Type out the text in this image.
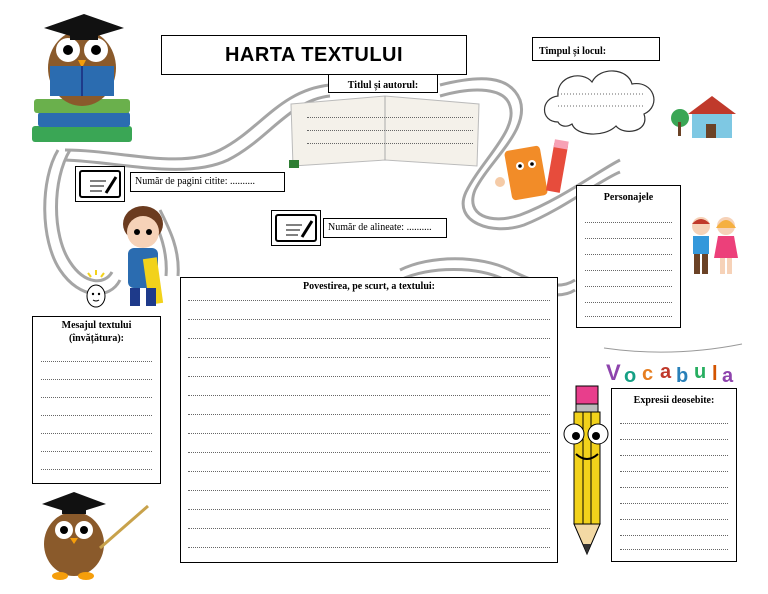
HARTA TEXTULUI
Titlul și autorul:
Timpul și locul:
Număr de pagini citite: ..........
Număr de alineate: ..........
Personajele
Povestirea, pe scurt, a textului:
Mesajul textului
(învățătura):
V o c a b u l a
Expresii deosebite:
